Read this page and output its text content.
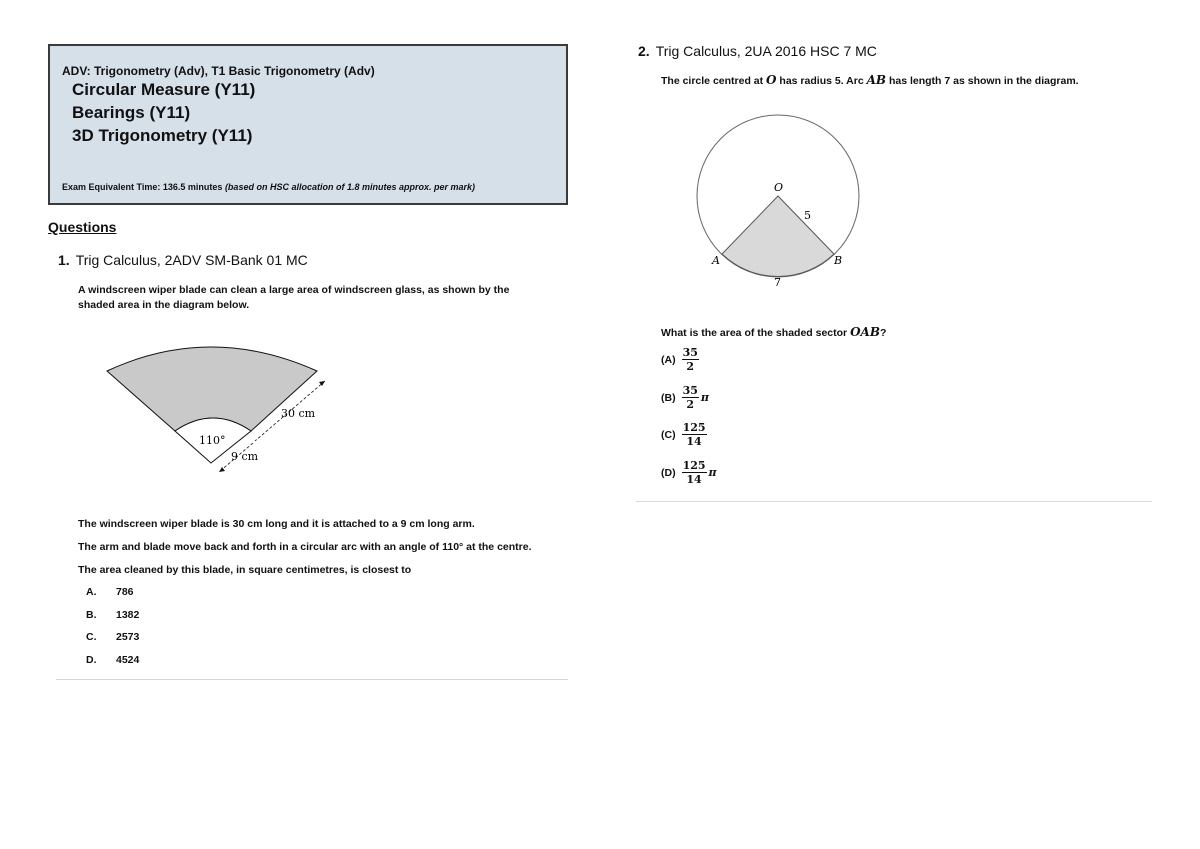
ADV: Trigonometry (Adv), T1 Basic Trigonometry (Adv)
Circular Measure (Y11)
Bearings (Y11)
3D Trigonometry (Y11)
Exam Equivalent Time: 136.5 minutes (based on HSC allocation of 1.8 minutes approx. per mark)
Questions
1. Trig Calculus, 2ADV SM-Bank 01 MC
A windscreen wiper blade can clean a large area of windscreen glass, as shown by the shaded area in the diagram below.
110°
30 cm
9 cm
The windscreen wiper blade is 30 cm long and it is attached to a 9 cm long arm.
The arm and blade move back and forth in a circular arc with an angle of 110° at the centre.
The area cleaned by this blade, in square centimetres, is closest to
A. 786
B. 1382
C. 2573
D. 4524
2. Trig Calculus, 2UA 2016 HSC 7 MC
The circle centred at O has radius 5. Arc AB has length 7 as shown in the diagram.
O
5
A	B
7
What is the area of the shaded sector OAB?
$(A) \frac{35}{2}$
$(B) \frac{35}{2}$ π
$(C) \frac{125}{14}$
$(D) \frac{125}{14}$ π
